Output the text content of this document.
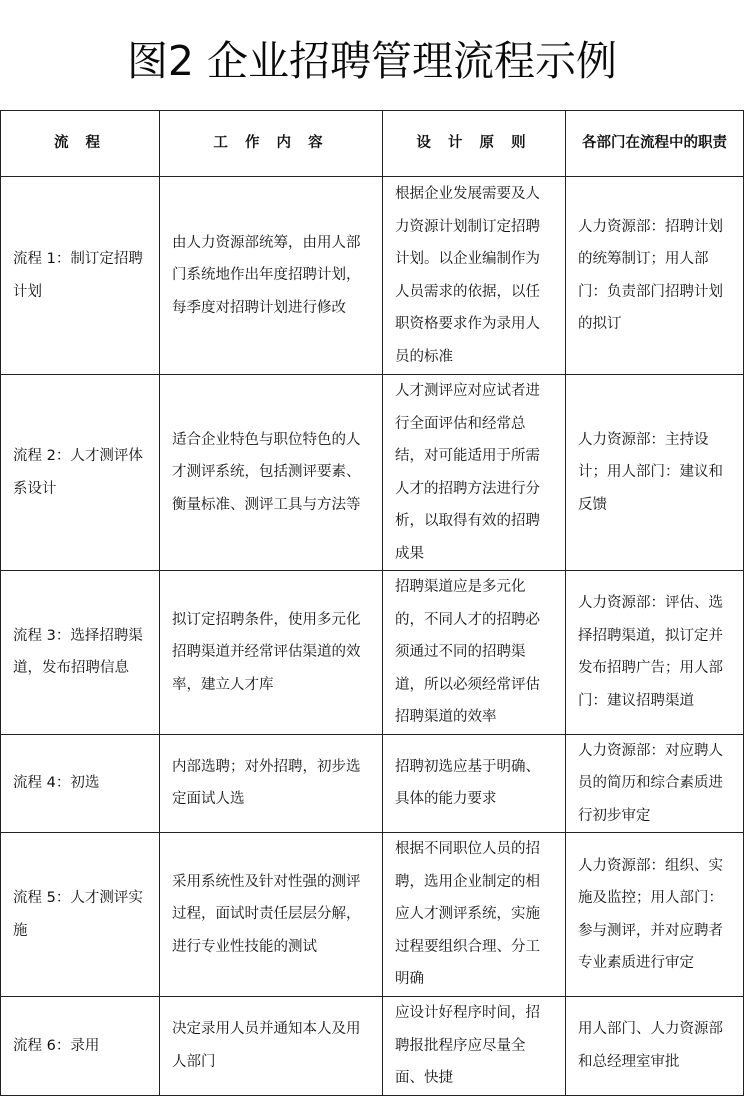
图2 企业招聘管理流程示例
流 程	工 作 内 容	设 计 原 则	各部门在流程中的职责
流程 1：制订定招聘计划	由人力资源部统筹，由用人部门系统地作出年度招聘计划，每季度对招聘计划进行修改	根据企业发展需要及人力资源计划制订定招聘计划。以企业编制作为人员需求的依据，以任职资格要求作为录用人员的标准	人力资源部：招聘计划的统筹制订；用人部门：负责部门招聘计划的拟订
流程 2：人才测评体系设计	适合企业特色与职位特色的人才测评系统，包括测评要素、衡量标准、测评工具与方法等	人才测评应对应试者进行全面评估和经常总结，对可能适用于所需人才的招聘方法进行分析，以取得有效的招聘成果	人力资源部：主持设计；用人部门：建议和反馈
流程 3：选择招聘渠道，发布招聘信息	拟订定招聘条件，使用多元化招聘渠道并经常评估渠道的效率，建立人才库	招聘渠道应是多元化的，不同人才的招聘必须通过不同的招聘渠道，所以必须经常评估招聘渠道的效率	人力资源部：评估、选择招聘渠道，拟订定并发布招聘广告；用人部门：建议招聘渠道
流程 4：初选	内部选聘；对外招聘，初步选定面试人选	招聘初选应基于明确、具体的能力要求	人力资源部：对应聘人员的简历和综合素质进行初步审定
流程 5：人才测评实施	采用系统性及针对性强的测评过程，面试时责任层层分解，进行专业性技能的测试	根据不同职位人员的招聘，选用企业制定的相应人才测评系统，实施过程要组织合理、分工明确	人力资源部：组织、实施及监控；用人部门：参与测评，并对应聘者专业素质进行审定
流程 6：录用	决定录用人员并通知本人及用人部门	应设计好程序时间，招聘报批程序应尽量全面、快捷	用人部门、人力资源部和总经理室审批
